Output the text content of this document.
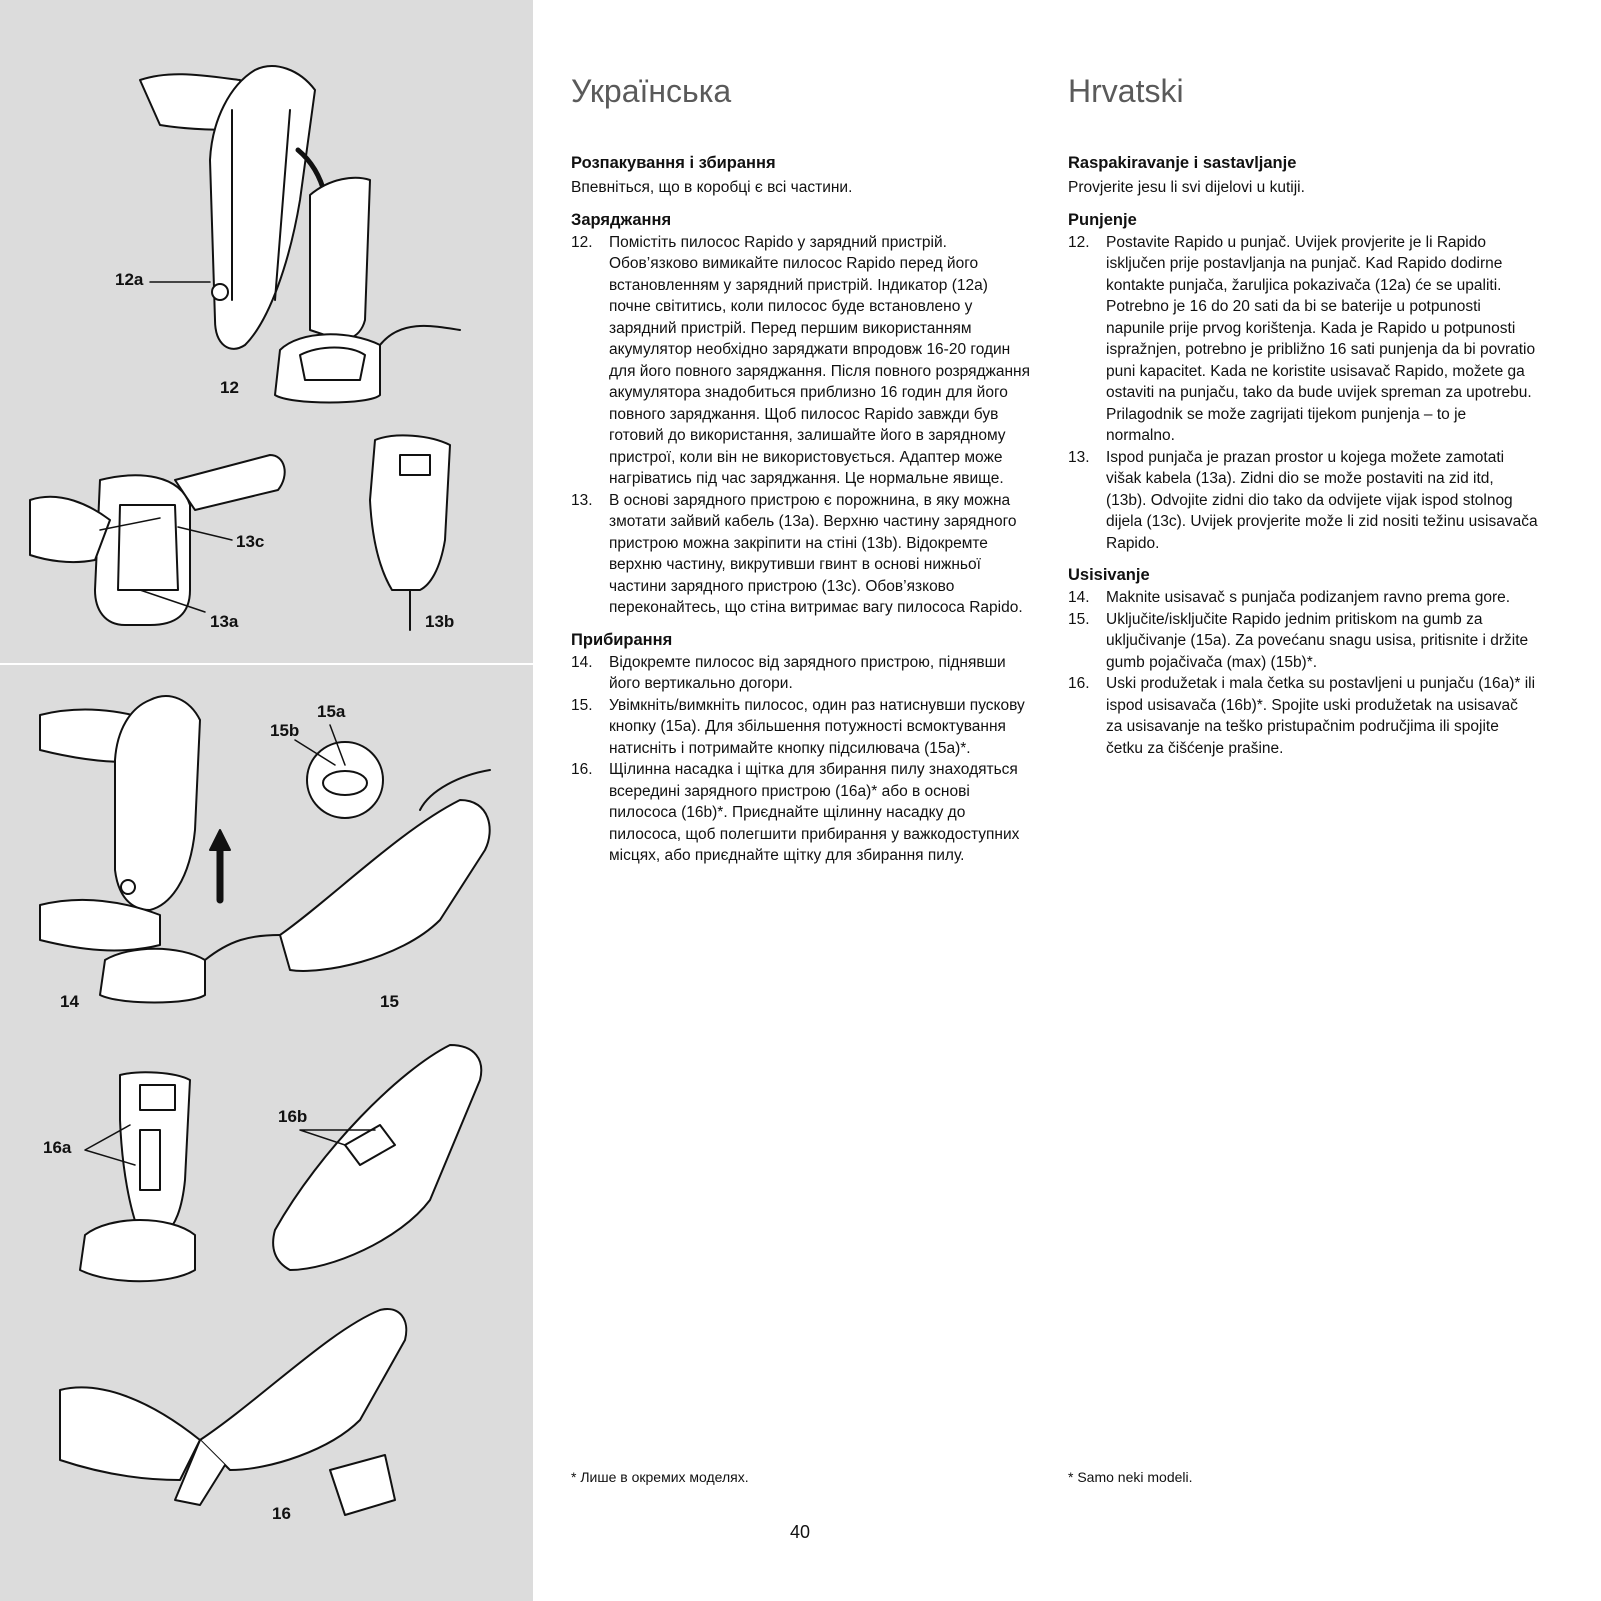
12a
12
13c
13a	13b
15a
15b
14	15
16a
16b
16
Українська

Розпакування і збирання

Впевніться, що в коробці є всі частини.

Заряджання

12.	Помістіть пилосос Rapido у зарядний пристрій. Обов’язково вимикайте пилосос Rapido перед його встановленням у зарядний пристрій. Індикатор (12а) почне світитись, коли пилосос буде встановлено у зарядний пристрій. Перед першим використанням акумулятор необхідно заряджати впродовж 16-20 годин для його повного заряджання. Після повного розряджання акумулятора знадобиться приблизно 16 годин для його повного заряджання. Щоб пилосос Rapido завжди був готовий до використання, залишайте його в зарядному пристрої, коли він не використовується. Адаптер може нагріватись під час заряджання. Це нормальне явище.
13.	В основі зарядного пристрою є порожнина, в яку можна змотати зайвий кабель (13а). Верхню частину зарядного пристрою можна закріпити на стіні (13b). Відокремте верхню частину, викрутивши гвинт в основі нижньої частини зарядного пристрою (13с). Обов’язково переконайтесь, що стіна витримає вагу пилососа Rapido.

Прибирання

14.	Відокремте пилосос від зарядного пристрою, піднявши його вертикально догори.
15.	Увімкніть/вимкніть пилосос, один раз натиснувши пускову кнопку (15а). Для збільшення потужності всмоктування натисніть і потримайте кнопку підсилювача (15а)*.
16.	Щілинна насадка і щітка для збирання пилу знаходяться всередині зарядного пристрою (16а)* або в основі пилососа (16b)*. Приєднайте щілинну насадку до пилососа, щоб полегшити прибирання у важкодоступних місцях, або приєднайте щітку для збирання пилу.
Hrvatski

Raspakiravanje i sastavljanje

Provjerite jesu li svi dijelovi u kutiji.

Punjenje

12.	Postavite Rapido u punjač. Uvijek provjerite je li Rapido isključen prije postavljanja na punjač. Kad Rapido dodirne kontakte punjača, žaruljica pokazivača (12a) će se upaliti. Potrebno je 16 do 20 sati da bi se baterije u potpunosti napunile prije prvog korištenja. Kada je Rapido u potpunosti ispražnjen, potrebno je približno 16 sati punjenja da bi povratio puni kapacitet. Kada ne koristite usisavač Rapido, možete ga ostaviti na punjaču, tako da bude uvijek spreman za upotrebu. Prilagodnik se može zagrijati tijekom punjenja – to je normalno.
13.	Ispod punjača je prazan prostor u kojega možete zamotati višak kabela (13a). Zidni dio se može postaviti na zid itd, (13b). Odvojite zidni dio tako da odvijete vijak ispod stolnog dijela (13c). Uvijek provjerite može li zid nositi težinu usisavača Rapido.

Usisivanje

14.	Maknite usisavač s punjača podizanjem ravno prema gore.
15.	Uključite/isključite Rapido jednim pritiskom na gumb za uključivanje (15a). Za povećanu snagu usisa, pritisnite i držite gumb pojačivača (max) (15b)*.
16.	Uski produžetak i mala četka su postavljeni u punjaču (16a)* ili ispod usisavača (16b)*. Spojite uski produžetak na usisavač za usisavanje na teško pristupačnim područjima ili spojite četku za čišćenje prašine.
* Лише в окремих моделях.	* Samo neki modeli.
40
